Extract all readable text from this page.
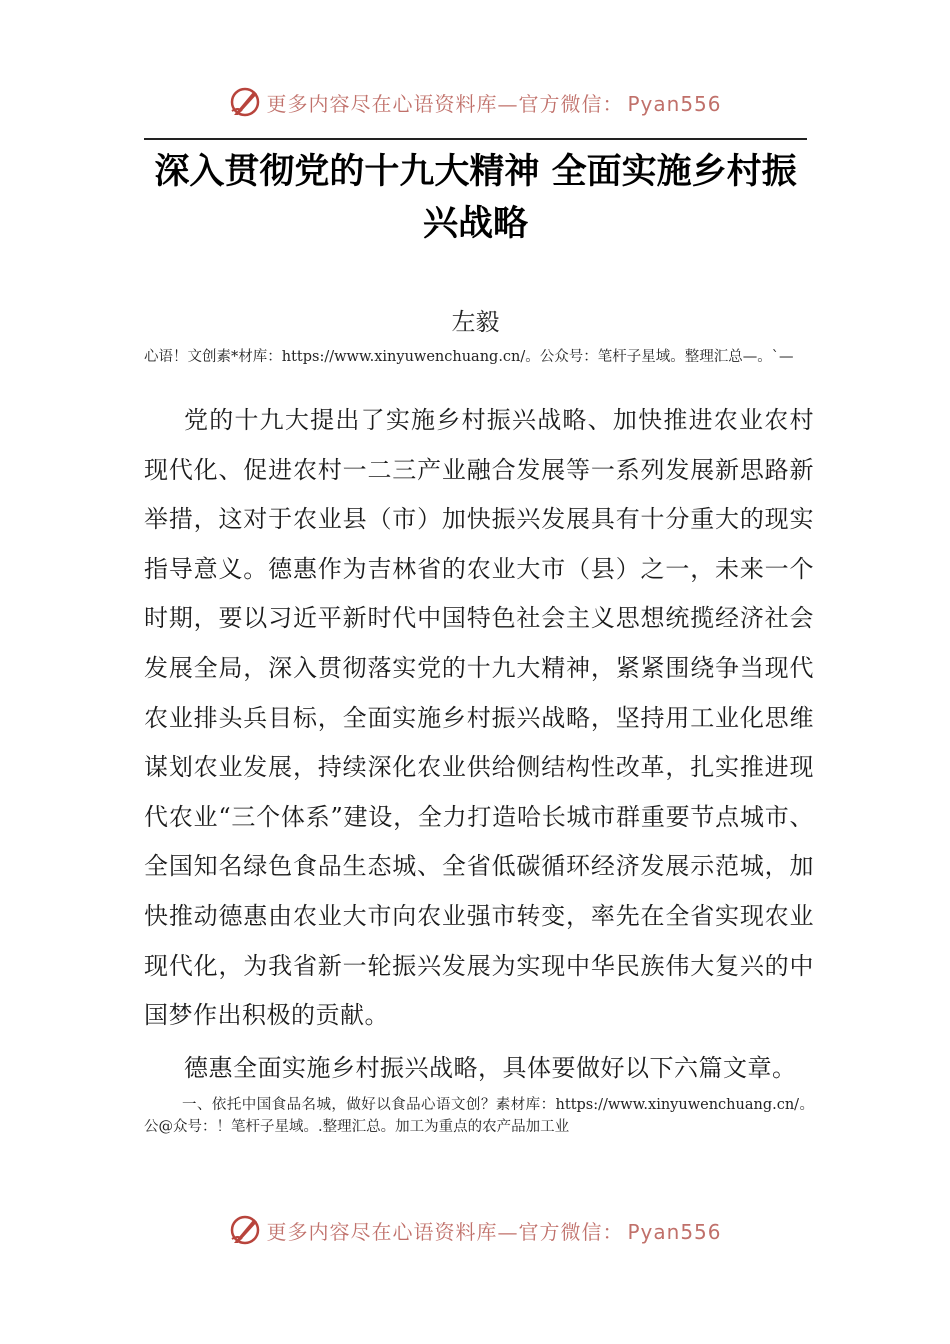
更多内容尽在心语资料库—官方微信： Pyan556
深入贯彻党的十九大精神 全面实施乡村振兴战略
左毅
心语！文创素*材库：https://www.xinyuwenchuang.cn/。公众号：笔杆子星域。整理汇总—。`—
党的十九大提出了实施乡村振兴战略、加快推进农业农村现代化、促进农村一二三产业融合发展等一系列发展新思路新举措，这对于农业县（市）加快振兴发展具有十分重大的现实指导意义。德惠作为吉林省的农业大市（县）之一，未来一个时期，要以习近平新时代中国特色社会主义思想统揽经济社会发展全局，深入贯彻落实党的十九大精神，紧紧围绕争当现代农业排头兵目标，全面实施乡村振兴战略，坚持用工业化思维谋划农业发展，持续深化农业供给侧结构性改革，扎实推进现代农业“三个体系”建设，全力打造哈长城市群重要节点城市、全国知名绿色食品生态城、全省低碳循环经济发展示范城，加快推动德惠由农业大市向农业强市转变，率先在全省实现农业现代化，为我省新一轮振兴发展为实现中华民族伟大复兴的中国梦作出积极的贡献。
德惠全面实施乡村振兴战略，具体要做好以下六篇文章。
一、依托中国食品名城，做好以食品心语文创？素材库：https://www.xinyuwenchuang.cn/。公@众号：！笔杆子星域。.整理汇总。加工为重点的农产品加工业
更多内容尽在心语资料库—官方微信： Pyan556
